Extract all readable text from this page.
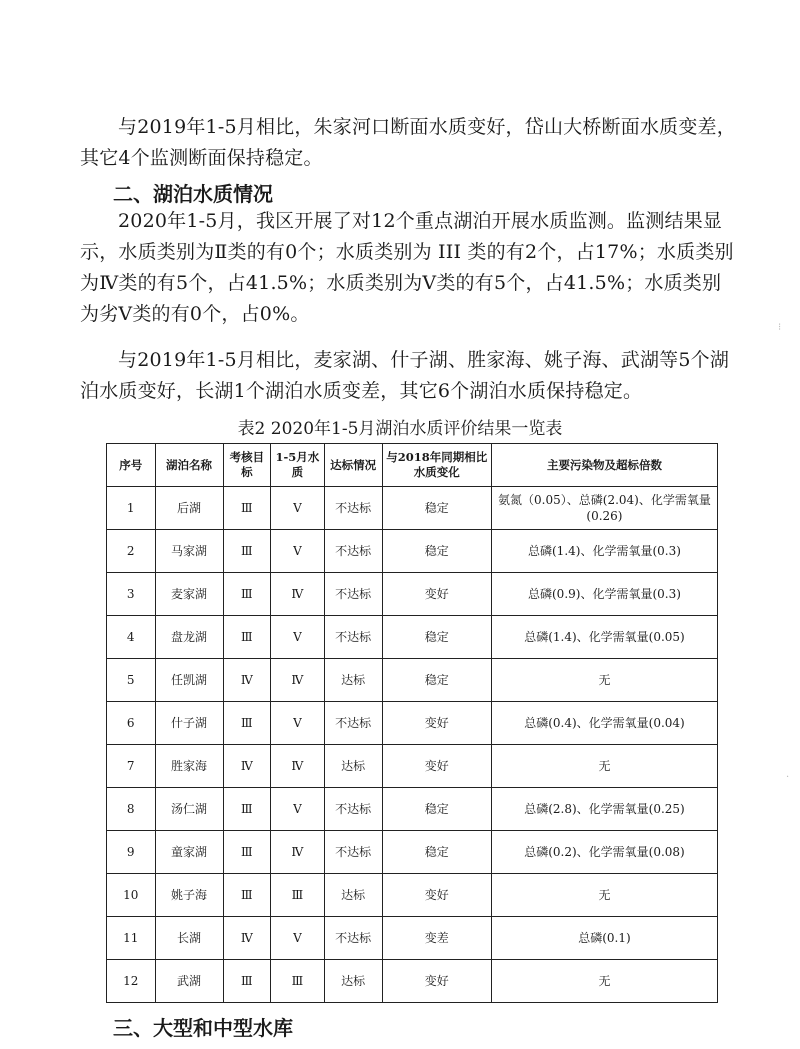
与2019年1-5月相比，朱家河口断面水质变好，岱山大桥断面水质变差，其它4个监测断面保持稳定。

二、湖泊水质情况

2020年1-5月，我区开展了对12个重点湖泊开展水质监测。监测结果显示，水质类别为Ⅱ类的有0个；水质类别为 III 类的有2个，占17%；水质类别为Ⅳ类的有5个，占41.5%；水质类别为Ⅴ类的有5个，占41.5%；水质类别为劣Ⅴ类的有0个，占0%。

与2019年1-5月相比，麦家湖、什子湖、胜家海、姚子海、武湖等5个湖泊水质变好，长湖1个湖泊水质变差，其它6个湖泊水质保持稳定。

表2 2020年1-5月湖泊水质评价结果一览表

序号	湖泊名称	考核目标	1-5月水质	达标情况	与2018年同期相比水质变化	主要污染物及超标倍数
1	后湖	Ⅲ	Ⅴ	不达标	稳定	氨氮（0.05）、总磷(2.04)、化学需氧量(0.26)
2	马家湖	Ⅲ	Ⅴ	不达标	稳定	总磷(1.4)、化学需氧量(0.3)
3	麦家湖	Ⅲ	Ⅳ	不达标	变好	总磷(0.9)、化学需氧量(0.3)
4	盘龙湖	Ⅲ	Ⅴ	不达标	稳定	总磷(1.4)、化学需氧量(0.05)
5	任凯湖	Ⅳ	Ⅳ	达标	稳定	无
6	什子湖	Ⅲ	Ⅴ	不达标	变好	总磷(0.4)、化学需氧量(0.04)
7	胜家海	Ⅳ	Ⅳ	达标	变好	无
8	汤仁湖	Ⅲ	Ⅴ	不达标	稳定	总磷(2.8)、化学需氧量(0.25)
9	童家湖	Ⅲ	Ⅳ	不达标	稳定	总磷(0.2)、化学需氧量(0.08)
10	姚子海	Ⅲ	Ⅲ	达标	变好	无
11	长湖	Ⅳ	Ⅴ	不达标	变差	总磷(0.1)
12	武湖	Ⅲ	Ⅲ	达标	变好	无

三、大型和中型水库

⁝
·
